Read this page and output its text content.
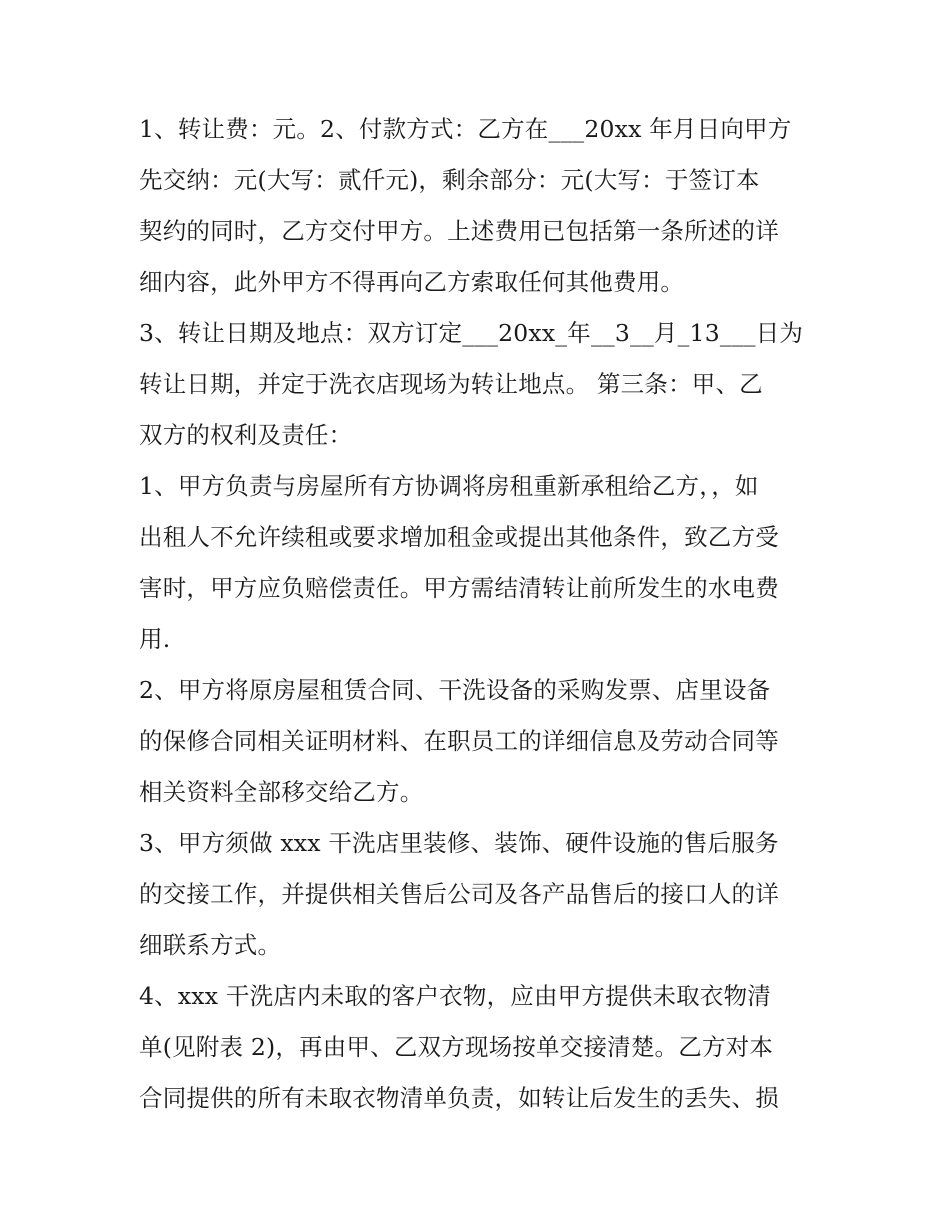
1、转让费：元。2、付款方式：乙方在___20xx 年月日向甲方
先交纳：元(大写：贰仟元)，剩余部分：元(大写：于签订本
契约的同时，乙方交付甲方。上述费用已包括第一条所述的详
细内容，此外甲方不得再向乙方索取任何其他费用。
3、转让日期及地点：双方订定___20xx_年__3__月_13___日为
转让日期，并定于洗衣店现场为转让地点。 第三条：甲、乙
双方的权利及责任：
1、甲方负责与房屋所有方协调将房租重新承租给乙方，，如
出租人不允许续租或要求增加租金或提出其他条件，致乙方受
害时，甲方应负赔偿责任。甲方需结清转让前所发生的水电费
用.
2、甲方将原房屋租赁合同、干洗设备的采购发票、店里设备
的保修合同相关证明材料、在职员工的详细信息及劳动合同等
相关资料全部移交给乙方。
3、甲方须做 xxx 干洗店里装修、装饰、硬件设施的售后服务
的交接工作，并提供相关售后公司及各产品售后的接口人的详
细联系方式。
4、xxx 干洗店内未取的客户衣物，应由甲方提供未取衣物清
单(见附表 2)，再由甲、乙双方现场按单交接清楚。乙方对本
合同提供的所有未取衣物清单负责，如转让后发生的丢失、损
